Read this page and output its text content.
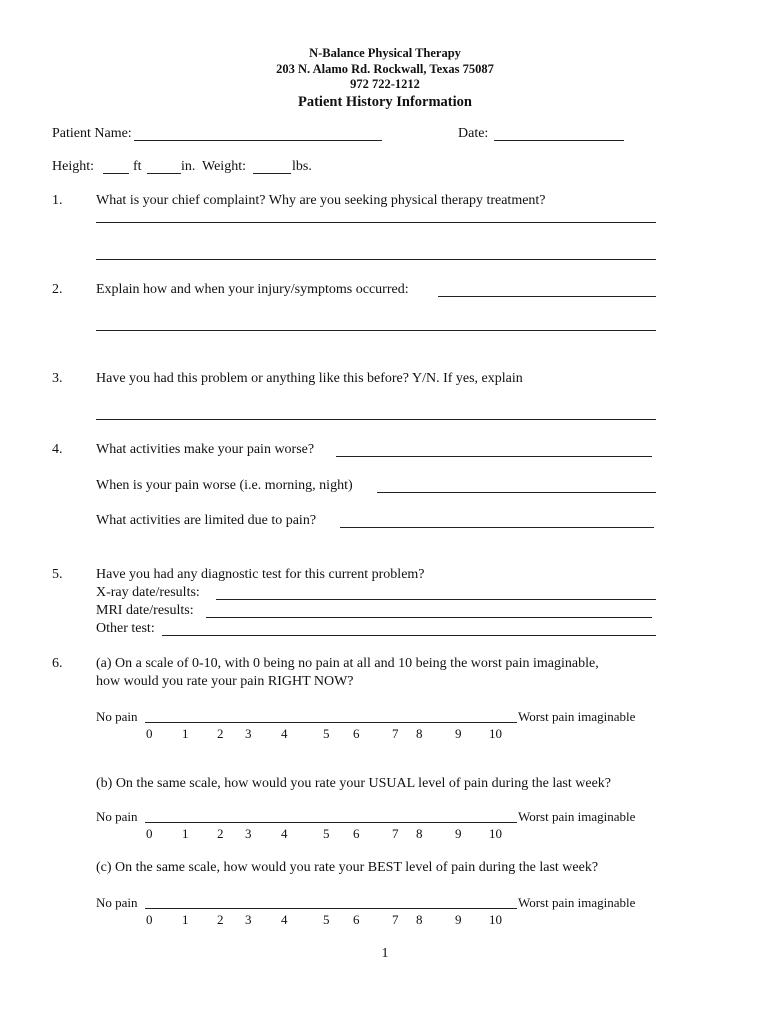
N-Balance Physical Therapy
203 N. Alamo Rd. Rockwall, Texas 75087
972 722-1212
Patient History Information
Patient Name:	Date:
Height:	ft	in. Weight:	lbs.
1. What is your chief complaint? Why are you seeking physical therapy treatment?
2. Explain how and when your injury/symptoms occurred:
3. Have you had this problem or anything like this before? Y/N. If yes, explain
4. What activities make your pain worse?
When is your pain worse (i.e. morning, night)
What activities are limited due to pain?
5. Have you had any diagnostic test for this current problem?
X-ray date/results:
MRI date/results:
Other test:
6. (a) On a scale of 0-10, with 0 being no pain at all and 10 being the worst pain imaginable,
how would you rate your pain RIGHT NOW?
No pain	Worst pain imaginable
0 1 2 3 4	5 6	7 8	9 10
(b) On the same scale, how would you rate your USUAL level of pain during the last week?
No pain	Worst pain imaginable
0 1 2 3 4	5 6	7 8	9 10
(c) On the same scale, how would you rate your BEST level of pain during the last week?
No pain	Worst pain imaginable
0 1 2 3 4	5 6	7 8	9 10
1
